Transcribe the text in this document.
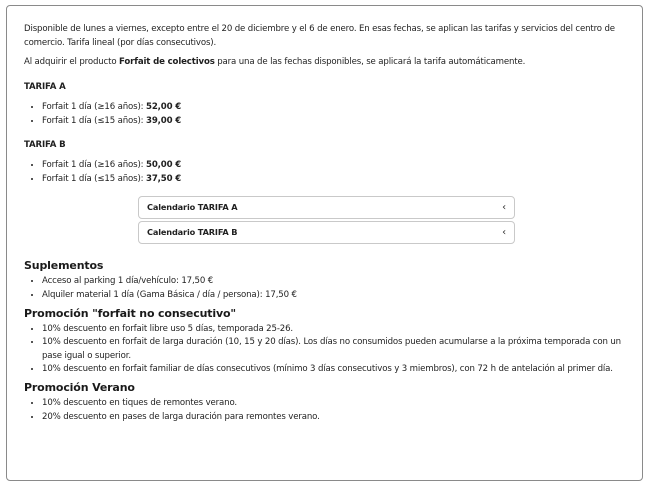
Disponible de lunes a viernes, excepto entre el 20 de diciembre y el 6 de enero. En esas fechas, se aplican las tarifas y servicios del centro de comercio. Tarifa lineal (por días consecutivos).

Al adquirir el producto Forfait de colectivos para una de las fechas disponibles, se aplicará la tarifa automáticamente.

TARIFA A
• Forfait 1 día (≥16 años): 52,00 €
• Forfait 1 día (≤15 años): 39,00 €
TARIFA B
• Forfait 1 día (≥16 años): 50,00 €
• Forfait 1 día (≤15 años): 37,50 €
Calendario TARIFA A	‹
Calendario TARIFA B	‹
Suplementos
• Acceso al parking 1 día/vehículo: 17,50 €
• Alquiler material 1 día (Gama Básica / día / persona): 17,50 €
Promoción "forfait no consecutivo"
• 10% descuento en forfait libre uso 5 días, temporada 25-26.
• 10% descuento en forfait de larga duración (10, 15 y 20 días). Los días no consumidos pueden acumularse a la próxima temporada con un pase igual o superior.
• 10% descuento en forfait familiar de días consecutivos (mínimo 3 días consecutivos y 3 miembros), con 72 h de antelación al primer día.
Promoción Verano
• 10% descuento en tiques de remontes verano.
• 20% descuento en pases de larga duración para remontes verano.
